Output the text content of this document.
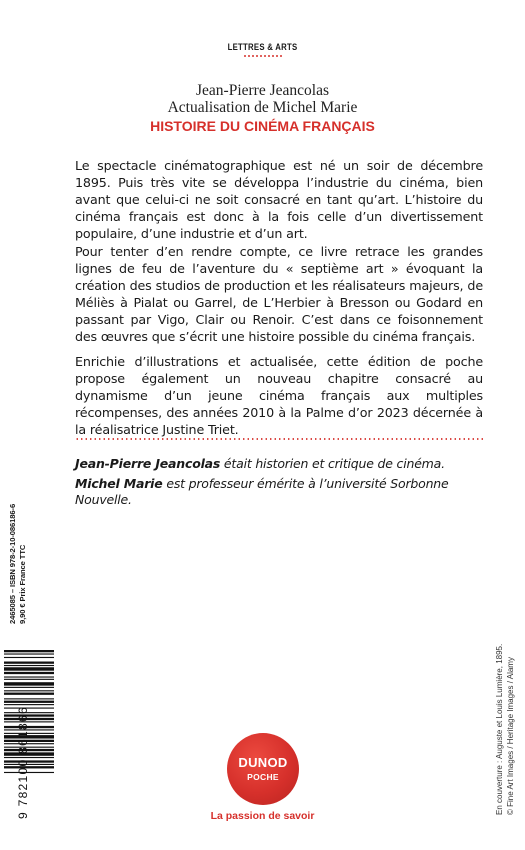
LETTRES & ARTS
Jean-Pierre Jeancolas
Actualisation de Michel Marie
HISTOIRE DU CINÉMA FRANÇAIS

Le spectacle cinématographique est né un soir de décembre 1895. Puis très vite se développa l’industrie du cinéma, bien avant que celui-ci ne soit consacré en tant qu’art. L’histoire du cinéma français est donc à la fois celle d’un divertissement populaire, d’une industrie et d’un art.

Pour tenter d’en rendre compte, ce livre retrace les grandes lignes de feu de l’aventure du « septième art » évoquant la création des studios de production et les réalisateurs majeurs, de Méliès à Pialat ou Garrel, de L’Herbier à Bresson ou Godard en passant par Vigo, Clair ou Renoir. C’est dans ce foisonnement des œuvres que s’écrit une histoire possible du cinéma français.

Enrichie d’illustrations et actualisée, cette édition de poche propose également un nouveau chapitre consacré au dynamisme d’un jeune cinéma français aux multiples récompenses, des années 2010 à la Palme d’or 2023 décernée à la réalisatrice Justine Triet.

Jean-Pierre Jeancolas était historien et critique de cinéma.

Michel Marie est professeur émérite à l’université Sorbonne Nouvelle.

2465085 – ISBN 978-2-10-086186-6 9,90 € Prix France TTC
9 782100 861866	DUNOD
POCHE
La passion de savoir
En couverture : Auguste et Louis Lumière, 1895. © Fine Art Images / Heritage Images / Alamy
